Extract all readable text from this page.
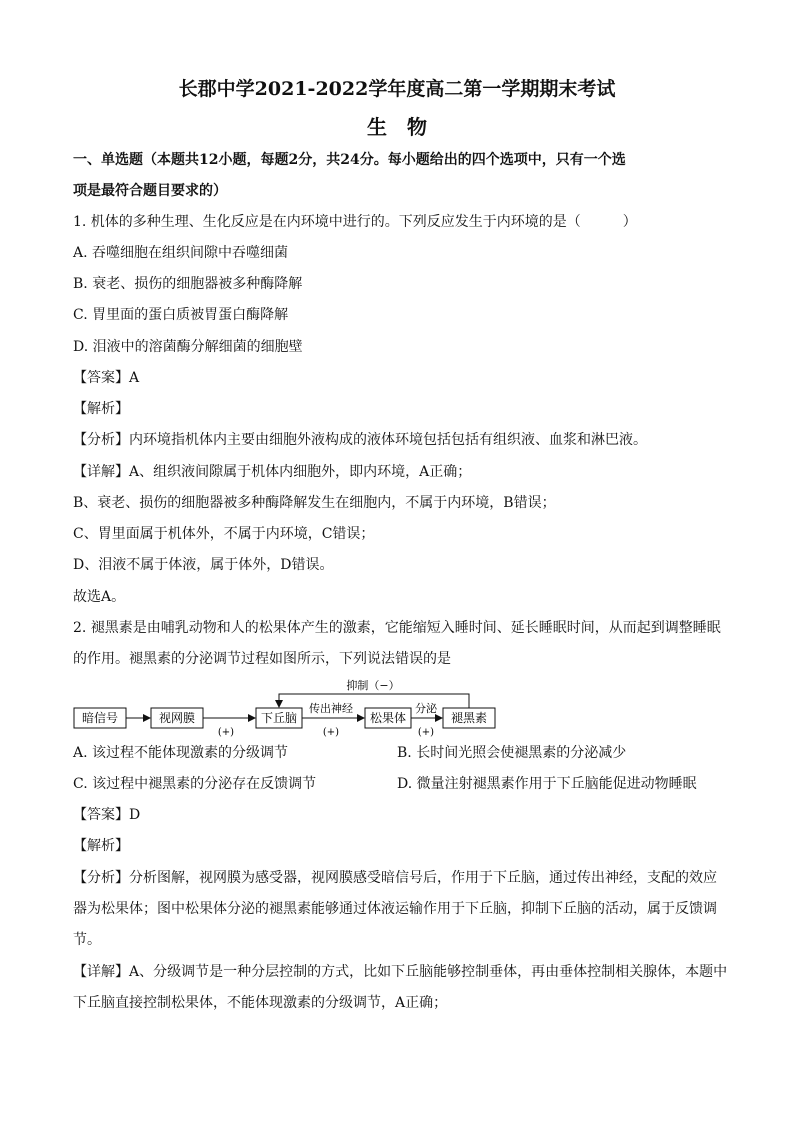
长郡中学2021-2022学年度高二第一学期期末考试
生　物
一、单选题（本题共12小题，每题2分，共24分。每小题给出的四个选项中，只有一个选
项是最符合题目要求的）
1. 机体的多种生理、生化反应是在内环境中进行的。下列反应发生于内环境的是（　　　）
A. 吞噬细胞在组织间隙中吞噬细菌
B. 衰老、损伤的细胞器被多种酶降解
C. 胃里面的蛋白质被胃蛋白酶降解
D. 泪液中的溶菌酶分解细菌的细胞壁
【答案】A
【解析】
【分析】内环境指机体内主要由细胞外液构成的液体环境包括包括有组织液、血浆和淋巴液。
【详解】A、组织液间隙属于机体内细胞外，即内环境，A正确；
B、衰老、损伤的细胞器被多种酶降解发生在细胞内，不属于内环境，B错误；
C、胃里面属于机体外，不属于内环境，C错误；
D、泪液不属于体液，属于体外，D错误。
故选A。
2. 褪黑素是由哺乳动物和人的松果体产生的激素，它能缩短入睡时间、延长睡眠时间，从而起到调整睡眠
的作用。褪黑素的分泌调节过程如图所示，下列说法错误的是
暗信号	视网膜	下丘脑	松果体	褪黑素
传出神经	分泌
(+)	(+)	(+)
抑制（−）
A. 该过程不能体现激素的分级调节	B. 长时间光照会使褪黑素的分泌减少
C. 该过程中褪黑素的分泌存在反馈调节	D. 微量注射褪黑素作用于下丘脑能促进动物睡眠
【答案】D
【解析】
【分析】分析图解，视网膜为感受器，视网膜感受暗信号后，作用于下丘脑，通过传出神经，支配的效应
器为松果体；图中松果体分泌的褪黑素能够通过体液运输作用于下丘脑，抑制下丘脑的活动，属于反馈调
节。
【详解】A、分级调节是一种分层控制的方式，比如下丘脑能够控制垂体，再由垂体控制相关腺体，本题中
下丘脑直接控制松果体，不能体现激素的分级调节，A正确；
